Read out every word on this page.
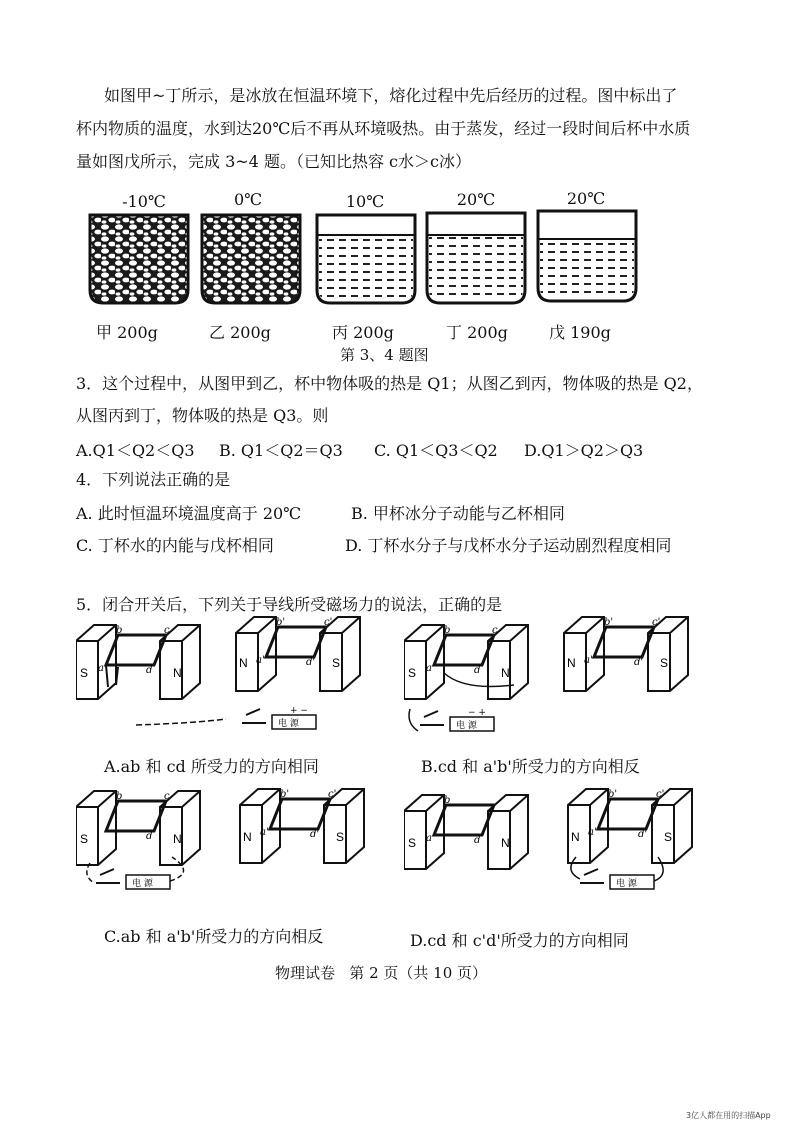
如图甲~丁所示，是冰放在恒温环境下，熔化过程中先后经历的过程。图中标出了
杯内物质的温度，水到达20℃后不再从环境吸热。由于蒸发，经过一段时间后杯中水质
量如图戊所示，完成 3~4 题。（已知比热容 c水＞c冰）
-10℃	0℃	10℃	20℃	20℃
甲 200g	乙 200g	丙 200g	丁 200g	戊 190g
第 3、4 题图
3．这个过程中，从图甲到乙，杯中物体吸的热是 Q1；从图乙到丙，物体吸的热是 Q2，
从图丙到丁，物体吸的热是 Q3。则
A.Q1＜Q2＜Q3 B. Q1＜Q2＝Q3 C. Q1＜Q3＜Q2 D.Q1＞Q2＞Q3
4．下列说法正确的是
A. 此时恒温环境温度高于 20℃	B. 甲杯冰分子动能与乙杯相同
C. 丁杯水的内能与戊杯相同	D. 丁杯水分子与戊杯水分子运动剧烈程度相同
5．闭合开关后，下列关于导线所受磁场力的说法，正确的是
S	N
b	c
a	d
N	S
b'	c'
a'	d'
电 源
+ −
S	N
b	c
a	d
N	S
b'	c'
a'	d'
电 源
− +
A.ab 和 cd 所受力的方向相同	B.cd 和 a'b'所受力的方向相反
S	N
b	c
d	N	S
b'	c'
a'	d'
电 源
S	N
b
a	d	N	S
b'	c'
a'	d'
电 源
C.ab 和 a'b'所受力的方向相反	D.cd 和 c'd'所受力的方向相同
物理试卷   第 2 页（共 10 页）
3亿人都在用的扫描App
